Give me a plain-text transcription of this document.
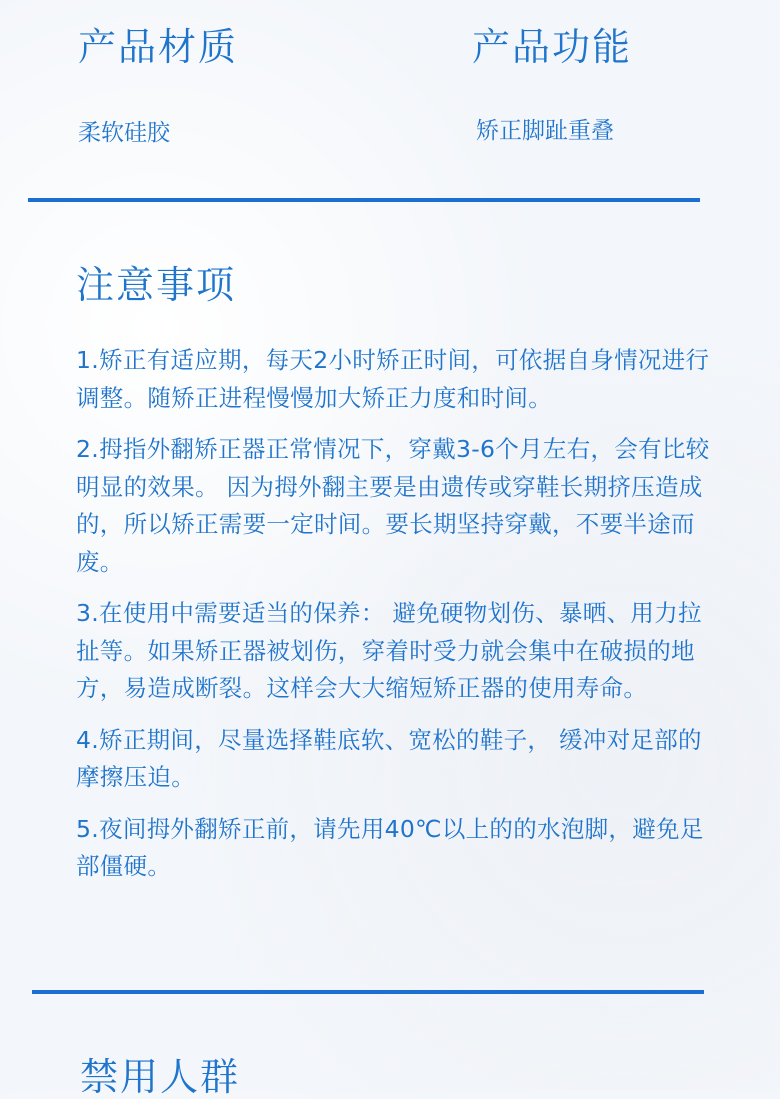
产品材质	产品功能

柔软硅胶	矫正脚趾重叠

注意事项
1.矫正有适应期，每天2小时矫正时间，可依据自身情况进行调整。随矫正进程慢慢加大矫正力度和时间。
2.拇指外翻矫正器正常情况下，穿戴3-6个月左右，会有比较明显的效果。 因为拇外翻主要是由遗传或穿鞋长期挤压造成的，所以矫正需要一定时间。要长期坚持穿戴，不要半途而废。
3.在使用中需要适当的保养： 避免硬物划伤、暴晒、用力拉扯等。如果矫正器被划伤，穿着时受力就会集中在破损的地方，易造成断裂。这样会大大缩短矫正器的使用寿命。
4.矫正期间，尽量选择鞋底软、宽松的鞋子， 缓冲对足部的摩擦压迫。
5.夜间拇外翻矫正前，请先用40℃以上的的水泡脚，避免足部僵硬。
禁用人群
